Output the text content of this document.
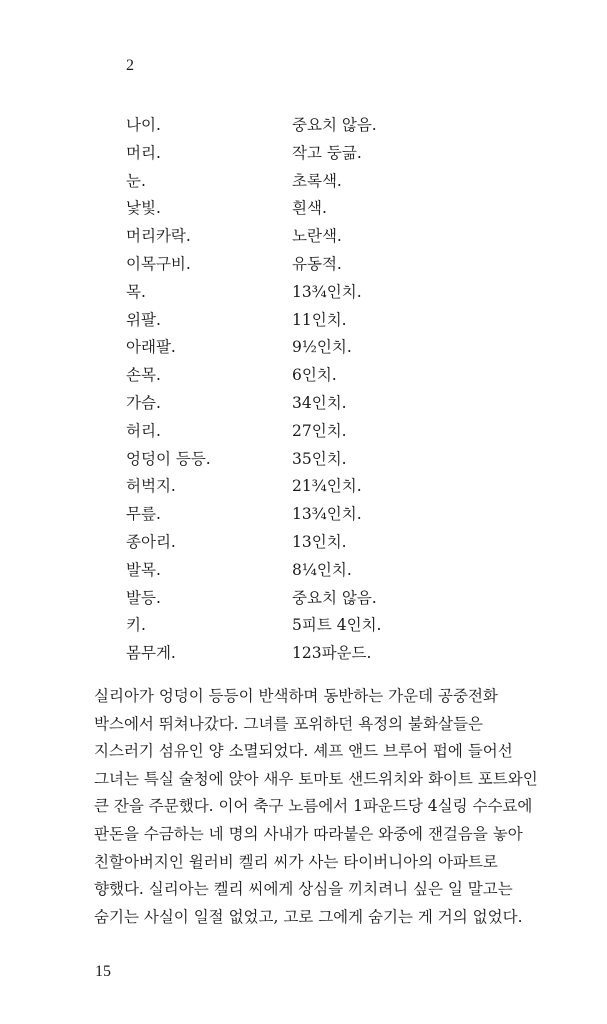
2
나이.	중요치 않음.
머리.	작고 둥긂.
눈.	초록색.
낯빛.	흰색.
머리카락.	노란색.
이목구비.	유동적.
목.	13¾인치.
위팔.	11인치.
아래팔.	9½인치.
손목.	6인치.
가슴.	34인치.
허리.	27인치.
엉덩이 등등.	35인치.
허벅지.	21¾인치.
무릎.	13¾인치.
종아리.	13인치.
발목.	8¼인치.
발등.	중요치 않음.
키.	5피트 4인치.
몸무게.	123파운드.
실리아가 엉덩이 등등이 반색하며 동반하는 가운데 공중전화
박스에서 뛰쳐나갔다. 그녀를 포위하던 욕정의 불화살들은
지스러기 섬유인 양 소멸되었다. 셰프 앤드 브루어 펍에 들어선
그녀는 특실 술청에 앉아 새우 토마토 샌드위치와 화이트 포트와인
큰 잔을 주문했다. 이어 축구 노름에서 1파운드당 4실링 수수료에
판돈을 수금하는 네 명의 사내가 따라붙은 와중에 잰걸음을 놓아
친할아버지인 윌러비 켈리 씨가 사는 타이버니아의 아파트로
향했다. 실리아는 켈리 씨에게 상심을 끼치려니 싶은 일 말고는
숨기는 사실이 일절 없었고, 고로 그에게 숨기는 게 거의 없었다.
15
